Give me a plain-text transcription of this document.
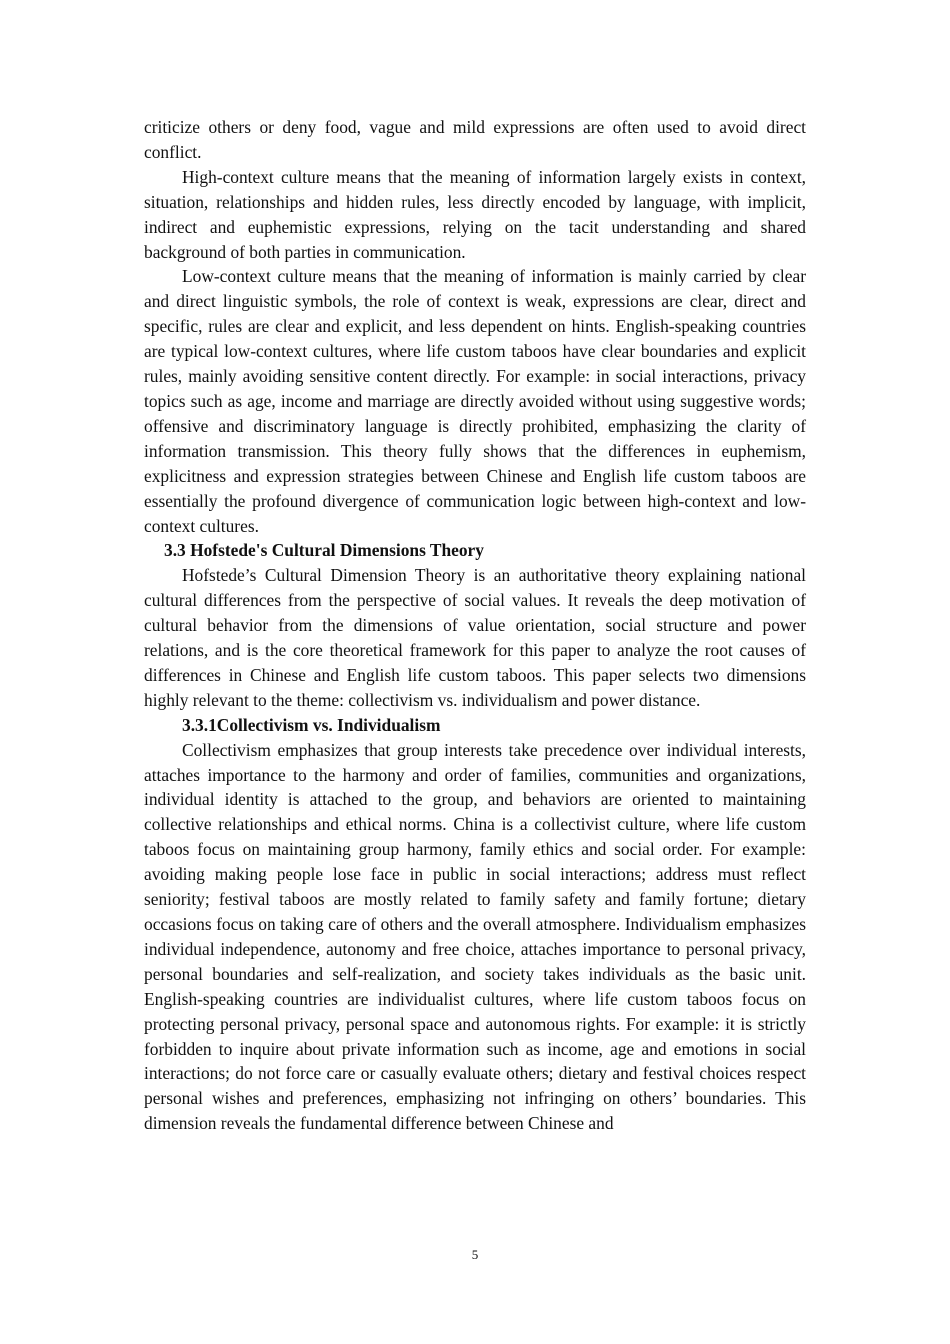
criticize others or deny food, vague and mild expressions are often used to avoid direct conflict.

High-context culture means that the meaning of information largely exists in context, situation, relationships and hidden rules, less directly encoded by language, with implicit, indirect and euphemistic expressions, relying on the tacit understanding and shared background of both parties in communication.

Low-context culture means that the meaning of information is mainly carried by clear and direct linguistic symbols, the role of context is weak, expressions are clear, direct and specific, rules are clear and explicit, and less dependent on hints. English-speaking countries are typical low-context cultures, where life custom taboos have clear boundaries and explicit rules, mainly avoiding sensitive content directly. For example: in social interactions, privacy topics such as age, income and marriage are directly avoided without using suggestive words; offensive and discriminatory language is directly prohibited, emphasizing the clarity of information transmission. This theory fully shows that the differences in euphemism, explicitness and expression strategies between Chinese and English life custom taboos are essentially the profound divergence of communication logic between high-context and low-context cultures.

3.3 Hofstede's Cultural Dimensions Theory

Hofstede’s Cultural Dimension Theory is an authoritative theory explaining national cultural differences from the perspective of social values. It reveals the deep motivation of cultural behavior from the dimensions of value orientation, social structure and power relations, and is the core theoretical framework for this paper to analyze the root causes of differences in Chinese and English life custom taboos. This paper selects two dimensions highly relevant to the theme: collectivism vs. individualism and power distance.

3.3.1Collectivism vs. Individualism

Collectivism emphasizes that group interests take precedence over individual interests, attaches importance to the harmony and order of families, communities and organizations, individual identity is attached to the group, and behaviors are oriented to maintaining collective relationships and ethical norms. China is a collectivist culture, where life custom taboos focus on maintaining group harmony, family ethics and social order. For example: avoiding making people lose face in public in social interactions; address must reflect seniority; festival taboos are mostly related to family safety and family fortune; dietary occasions focus on taking care of others and the overall atmosphere. Individualism emphasizes individual independence, autonomy and free choice, attaches importance to personal privacy, personal boundaries and self-realization, and society takes individuals as the basic unit. English-speaking countries are individualist cultures, where life custom taboos focus on protecting personal privacy, personal space and autonomous rights. For example: it is strictly forbidden to inquire about private information such as income, age and emotions in social interactions; do not force care or casually evaluate others; dietary and festival choices respect personal wishes and preferences, emphasizing not infringing on others’ boundaries. This dimension reveals the fundamental difference between Chinese and

5
